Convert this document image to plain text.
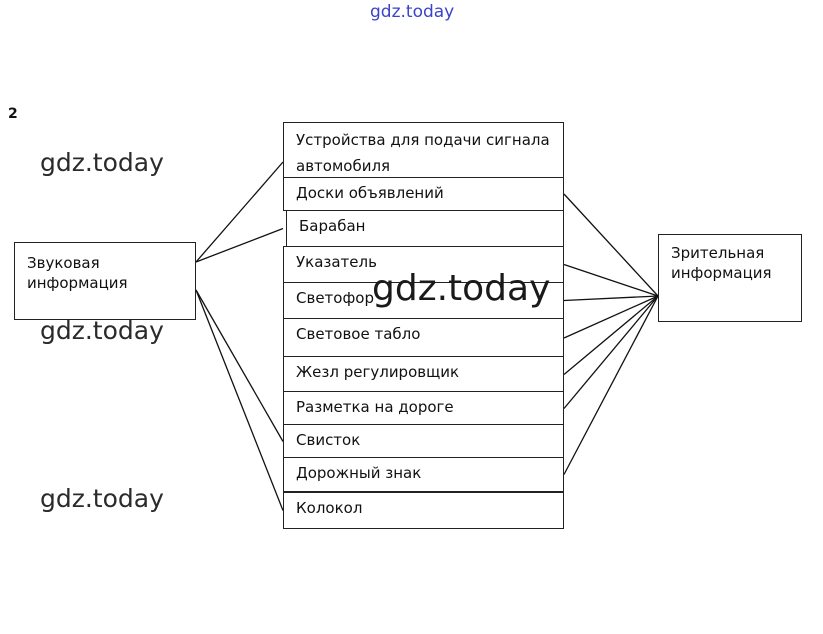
gdz.today
gdz.today
gdz.today
gdz.today
2
Звуковая информация
Зрительная информация
Устройства для подачи сигнала автомобиля
Доски объявлений
Барабан
Указатель
Светофор
Световое табло
Жезл регулировщик
Разметка на дороге
Свисток
Дорожный знак
Колокол
gdz.today
